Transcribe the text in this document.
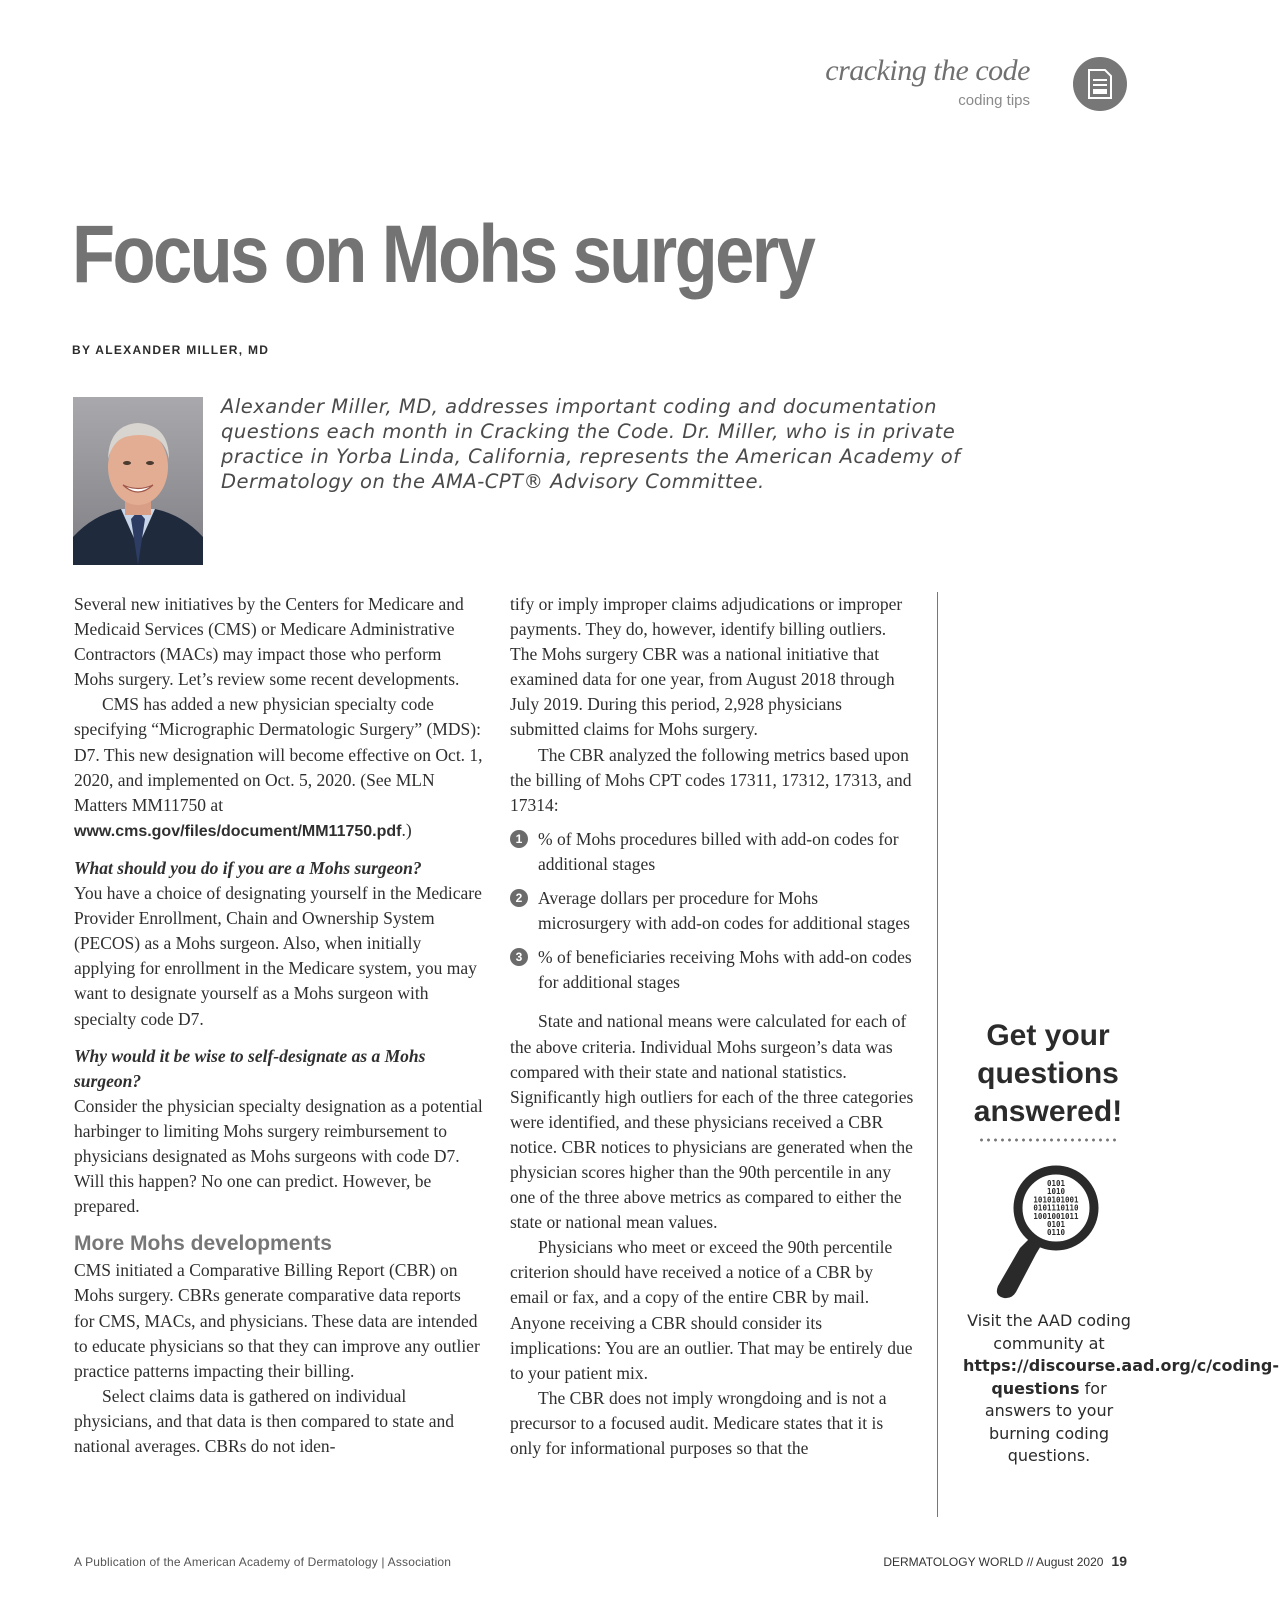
cracking the code
coding tips
Focus on Mohs surgery
BY ALEXANDER MILLER, MD
Alexander Miller, MD, addresses important coding and documentation questions each month in Cracking the Code. Dr. Miller, who is in private practice in Yorba Linda, California, represents the American Academy of Dermatology on the AMA-CPT® Advisory Committee.

Several new initiatives by the Centers for Medicare and Medicaid Services (CMS) or Medicare Administrative Contractors (MACs) may impact those who perform Mohs surgery. Let’s review some recent developments.

CMS has added a new physician specialty code specifying “Micrographic Dermatologic Surgery” (MDS): D7. This new designation will become effective on Oct. 1, 2020, and implemented on Oct. 5, 2020. (See MLN Matters MM11750 at www.cms.gov/files/document/MM11750.pdf.)

What should you do if you are a Mohs surgeon?

You have a choice of designating yourself in the Medicare Provider Enrollment, Chain and Ownership System (PECOS) as a Mohs surgeon. Also, when initially applying for enrollment in the Medicare system, you may want to designate yourself as a Mohs surgeon with specialty code D7.

Why would it be wise to self-designate as a Mohs surgeon?

Consider the physician specialty designation as a potential harbinger to limiting Mohs surgery reimbursement to physicians designated as Mohs surgeons with code D7. Will this happen? No one can predict. However, be prepared.

More Mohs developments

CMS initiated a Comparative Billing Report (CBR) on Mohs surgery. CBRs generate comparative data reports for CMS, MACs, and physicians. These data are intended to educate physicians so that they can improve any outlier practice patterns impacting their billing.

Select claims data is gathered on individual physicians, and that data is then compared to state and national averages. CBRs do not iden-

tify or imply improper claims adjudications or improper payments. They do, however, identify billing outliers. The Mohs surgery CBR was a national initiative that examined data for one year, from August 2018 through July 2019. During this period, 2,928 physicians submitted claims for Mohs surgery.

The CBR analyzed the following metrics based upon the billing of Mohs CPT codes 17311, 17312, 17313, and 17314:

1 % of Mohs procedures billed with add-on codes for additional stages
2 Average dollars per procedure for Mohs microsurgery with add-on codes for additional stages
3 % of beneficiaries receiving Mohs with add-on codes for additional stages

State and national means were calculated for each of the above criteria. Individual Mohs surgeon’s data was compared with their state and national statistics. Significantly high outliers for each of the three categories were identified, and these physicians received a CBR notice. CBR notices to physicians are generated when the physician scores higher than the 90th percentile in any one of the three above metrics as compared to either the state or national mean values.

Physicians who meet or exceed the 90th percentile criterion should have received a notice of a CBR by email or fax, and a copy of the entire CBR by mail. Anyone receiving a CBR should consider its implications: You are an outlier. That may be entirely due to your patient mix.

The CBR does not imply wrongdoing and is not a precursor to a focused audit. Medicare states that it is only for informational purposes so that the

Get your questions answered!
0101 1010 1010101001 0101110110 1001001011 0101 0110
Visit the AAD coding community at https://discourse.aad.org/c/coding-questions for answers to your burning coding questions.
A Publication of the American Academy of Dermatology | Association	DERMATOLOGY WORLD // August 2020 19
